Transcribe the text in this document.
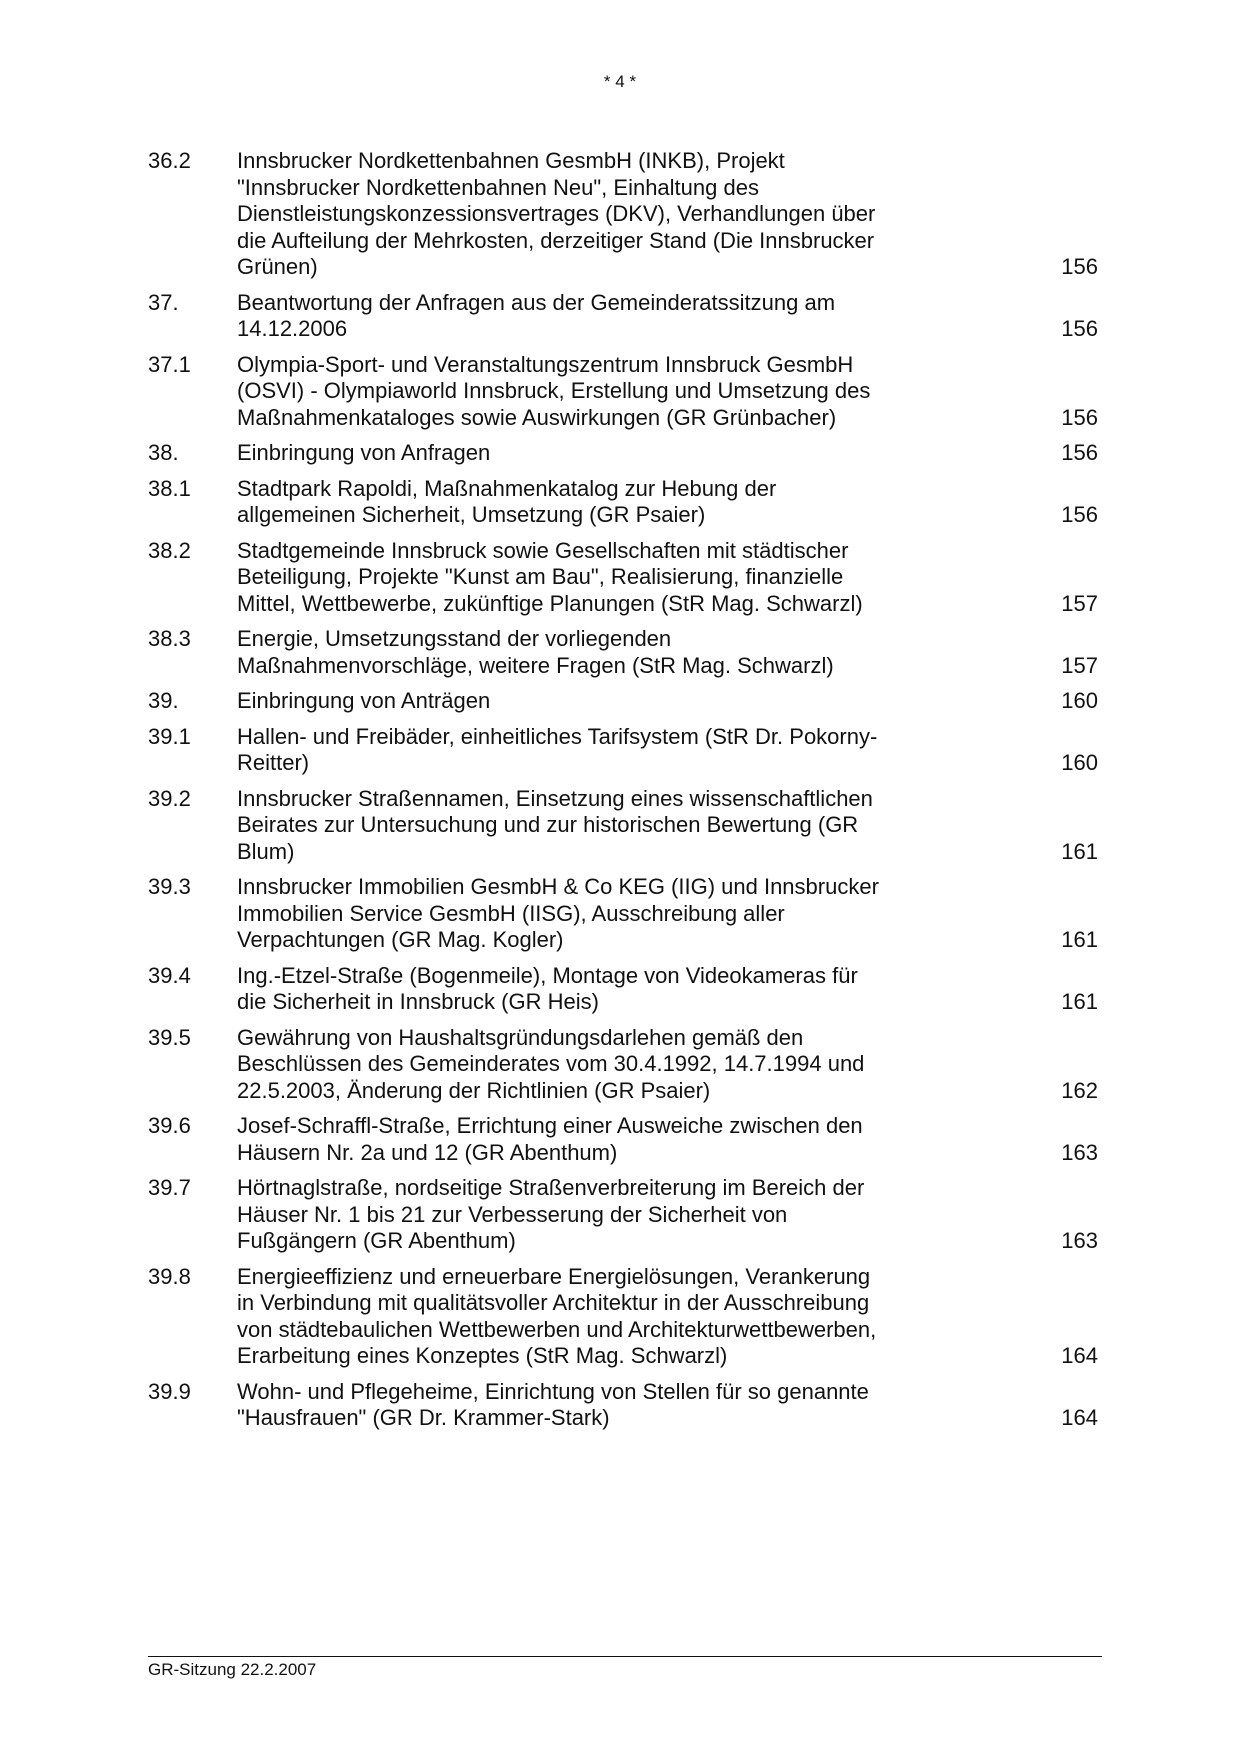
* 4 *
36.2 Innsbrucker Nordkettenbahnen GesmbH (INKB), Projekt
"Innsbrucker Nordkettenbahnen Neu", Einhaltung des
Dienstleistungskonzessionsvertrages (DKV), Verhandlungen über
die Aufteilung der Mehrkosten, derzeitiger Stand (Die Innsbrucker
Grünen)	156
37.	Beantwortung der Anfragen aus der Gemeinderatssitzung am
14.12.2006	156
37.1 Olympia-Sport- und Veranstaltungszentrum Innsbruck GesmbH
(OSVI) - Olympiaworld Innsbruck, Erstellung und Umsetzung des
Maßnahmenkataloges sowie Auswirkungen (GR Grünbacher)	156
38.	Einbringung von Anfragen	156
38.1 Stadtpark Rapoldi, Maßnahmenkatalog zur Hebung der
allgemeinen Sicherheit, Umsetzung (GR Psaier)	156
38.2 Stadtgemeinde Innsbruck sowie Gesellschaften mit städtischer
Beteiligung, Projekte "Kunst am Bau", Realisierung, finanzielle
Mittel, Wettbewerbe, zukünftige Planungen (StR Mag. Schwarzl)	157
38.3 Energie, Umsetzungsstand der vorliegenden
Maßnahmenvorschläge, weitere Fragen (StR Mag. Schwarzl)	157
39.	Einbringung von Anträgen	160
39.1 Hallen- und Freibäder, einheitliches Tarifsystem (StR Dr. Pokorny-
Reitter)	160
39.2 Innsbrucker Straßennamen, Einsetzung eines wissenschaftlichen
Beirates zur Untersuchung und zur historischen Bewertung (GR
Blum)	161
39.3 Innsbrucker Immobilien GesmbH & Co KEG (IIG) und Innsbrucker
Immobilien Service GesmbH (IISG), Ausschreibung aller
Verpachtungen (GR Mag. Kogler)	161
39.4 Ing.-Etzel-Straße (Bogenmeile), Montage von Videokameras für
die Sicherheit in Innsbruck (GR Heis)	161
39.5 Gewährung von Haushaltsgründungsdarlehen gemäß den
Beschlüssen des Gemeinderates vom 30.4.1992, 14.7.1994 und
22.5.2003, Änderung der Richtlinien (GR Psaier)	162
39.6 Josef-Schraffl-Straße, Errichtung einer Ausweiche zwischen den
Häusern Nr. 2a und 12 (GR Abenthum)	163
39.7 Hörtnaglstraße, nordseitige Straßenverbreiterung im Bereich der
Häuser Nr. 1 bis 21 zur Verbesserung der Sicherheit von
Fußgängern (GR Abenthum)	163
39.8 Energieeffizienz und erneuerbare Energielösungen, Verankerung
in Verbindung mit qualitätsvoller Architektur in der Ausschreibung
von städtebaulichen Wettbewerben und Architekturwettbewerben,
Erarbeitung eines Konzeptes (StR Mag. Schwarzl)	164
39.9 Wohn- und Pflegeheime, Einrichtung von Stellen für so genannte
"Hausfrauen" (GR Dr. Krammer-Stark)	164
GR-Sitzung 22.2.2007
